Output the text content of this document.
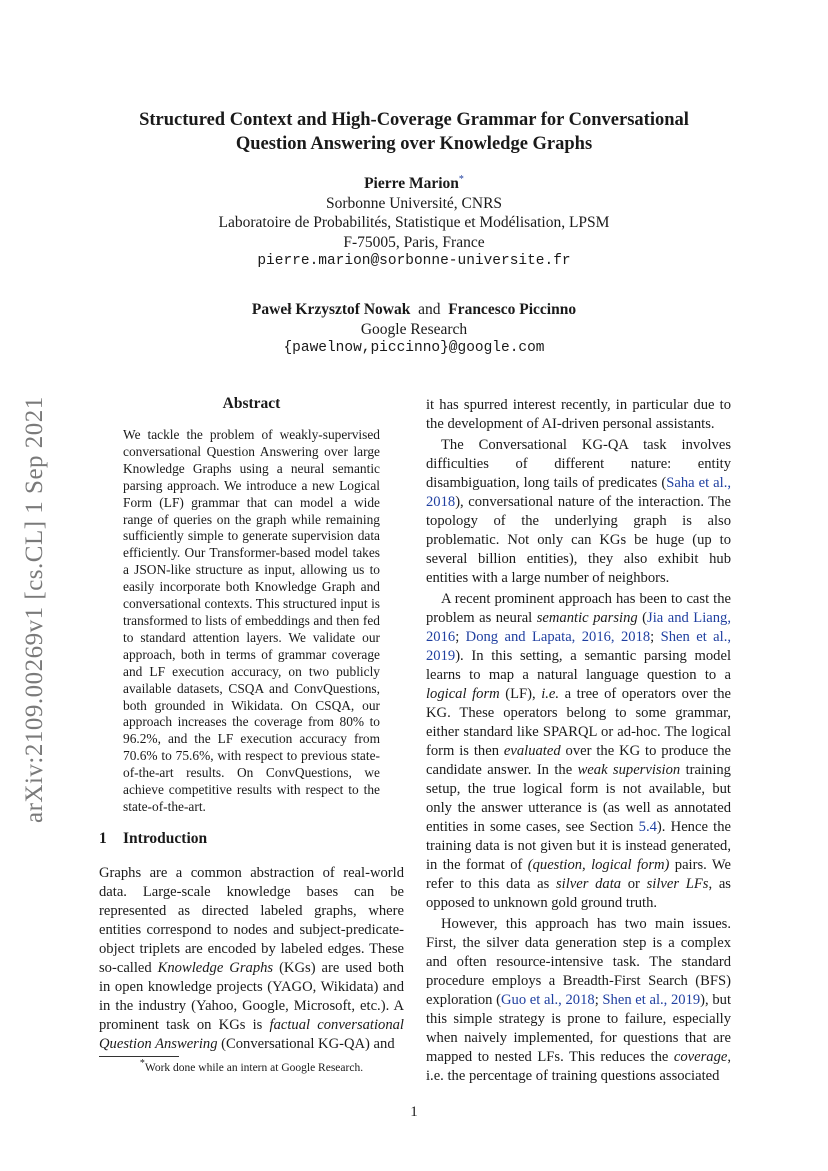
arXiv:2109.00269v1 [cs.CL] 1 Sep 2021
Structured Context and High-Coverage Grammar for Conversational
Question Answering over Knowledge Graphs
Pierre Marion*
Sorbonne Université, CNRS
Laboratoire de Probabilités, Statistique et Modélisation, LPSM
F-75005, Paris, France
pierre.marion@sorbonne-universite.fr
Paweł Krzysztof Nowak and Francesco Piccinno
Google Research
{pawelnow,piccinno}@google.com
Abstract
We tackle the problem of weakly-supervised conversational Question Answering over large Knowledge Graphs using a neural semantic parsing approach. We introduce a new Logical Form (LF) grammar that can model a wide range of queries on the graph while remaining sufficiently simple to generate supervision data efficiently. Our Transformer-based model takes a JSON-like structure as input, allowing us to easily incorporate both Knowledge Graph and conversational contexts. This structured input is transformed to lists of embeddings and then fed to standard attention layers. We validate our approach, both in terms of grammar coverage and LF execution accuracy, on two publicly available datasets, CSQA and ConvQuestions, both grounded in Wikidata. On CSQA, our approach increases the coverage from 80% to 96.2%, and the LF execution accuracy from 70.6% to 75.6%, with respect to previous state-of-the-art results. On ConvQuestions, we achieve competitive results with respect to the state-of-the-art.
1 Introduction

Graphs are a common abstraction of real-world data. Large-scale knowledge bases can be represented as directed labeled graphs, where entities correspond to nodes and subject-predicate-object triplets are encoded by labeled edges. These so-called Knowledge Graphs (KGs) are used both in open knowledge projects (YAGO, Wikidata) and in the industry (Yahoo, Google, Microsoft, etc.). A prominent task on KGs is factual conversational Question Answering (Conversational KG-QA) and

*Work done while an intern at Google Research.

it has spurred interest recently, in particular due to the development of AI-driven personal assistants.

The Conversational KG-QA task involves difficulties of different nature: entity disambiguation, long tails of predicates (Saha et al., 2018), conversational nature of the interaction. The topology of the underlying graph is also problematic. Not only can KGs be huge (up to several billion entities), they also exhibit hub entities with a large number of neighbors.

A recent prominent approach has been to cast the problem as neural semantic parsing (Jia and Liang, 2016; Dong and Lapata, 2016, 2018; Shen et al., 2019). In this setting, a semantic parsing model learns to map a natural language question to a logical form (LF), i.e. a tree of operators over the KG. These operators belong to some grammar, either standard like SPARQL or ad-hoc. The logical form is then evaluated over the KG to produce the candidate answer. In the weak supervision training setup, the true logical form is not available, but only the answer utterance is (as well as annotated entities in some cases, see Section 5.4). Hence the training data is not given but it is instead generated, in the format of (question, logical form) pairs. We refer to this data as silver data or silver LFs, as opposed to unknown gold ground truth.

However, this approach has two main issues. First, the silver data generation step is a complex and often resource-intensive task. The standard procedure employs a Breadth-First Search (BFS) exploration (Guo et al., 2018; Shen et al., 2019), but this simple strategy is prone to failure, especially when naively implemented, for questions that are mapped to nested LFs. This reduces the coverage, i.e. the percentage of training questions associated

1
